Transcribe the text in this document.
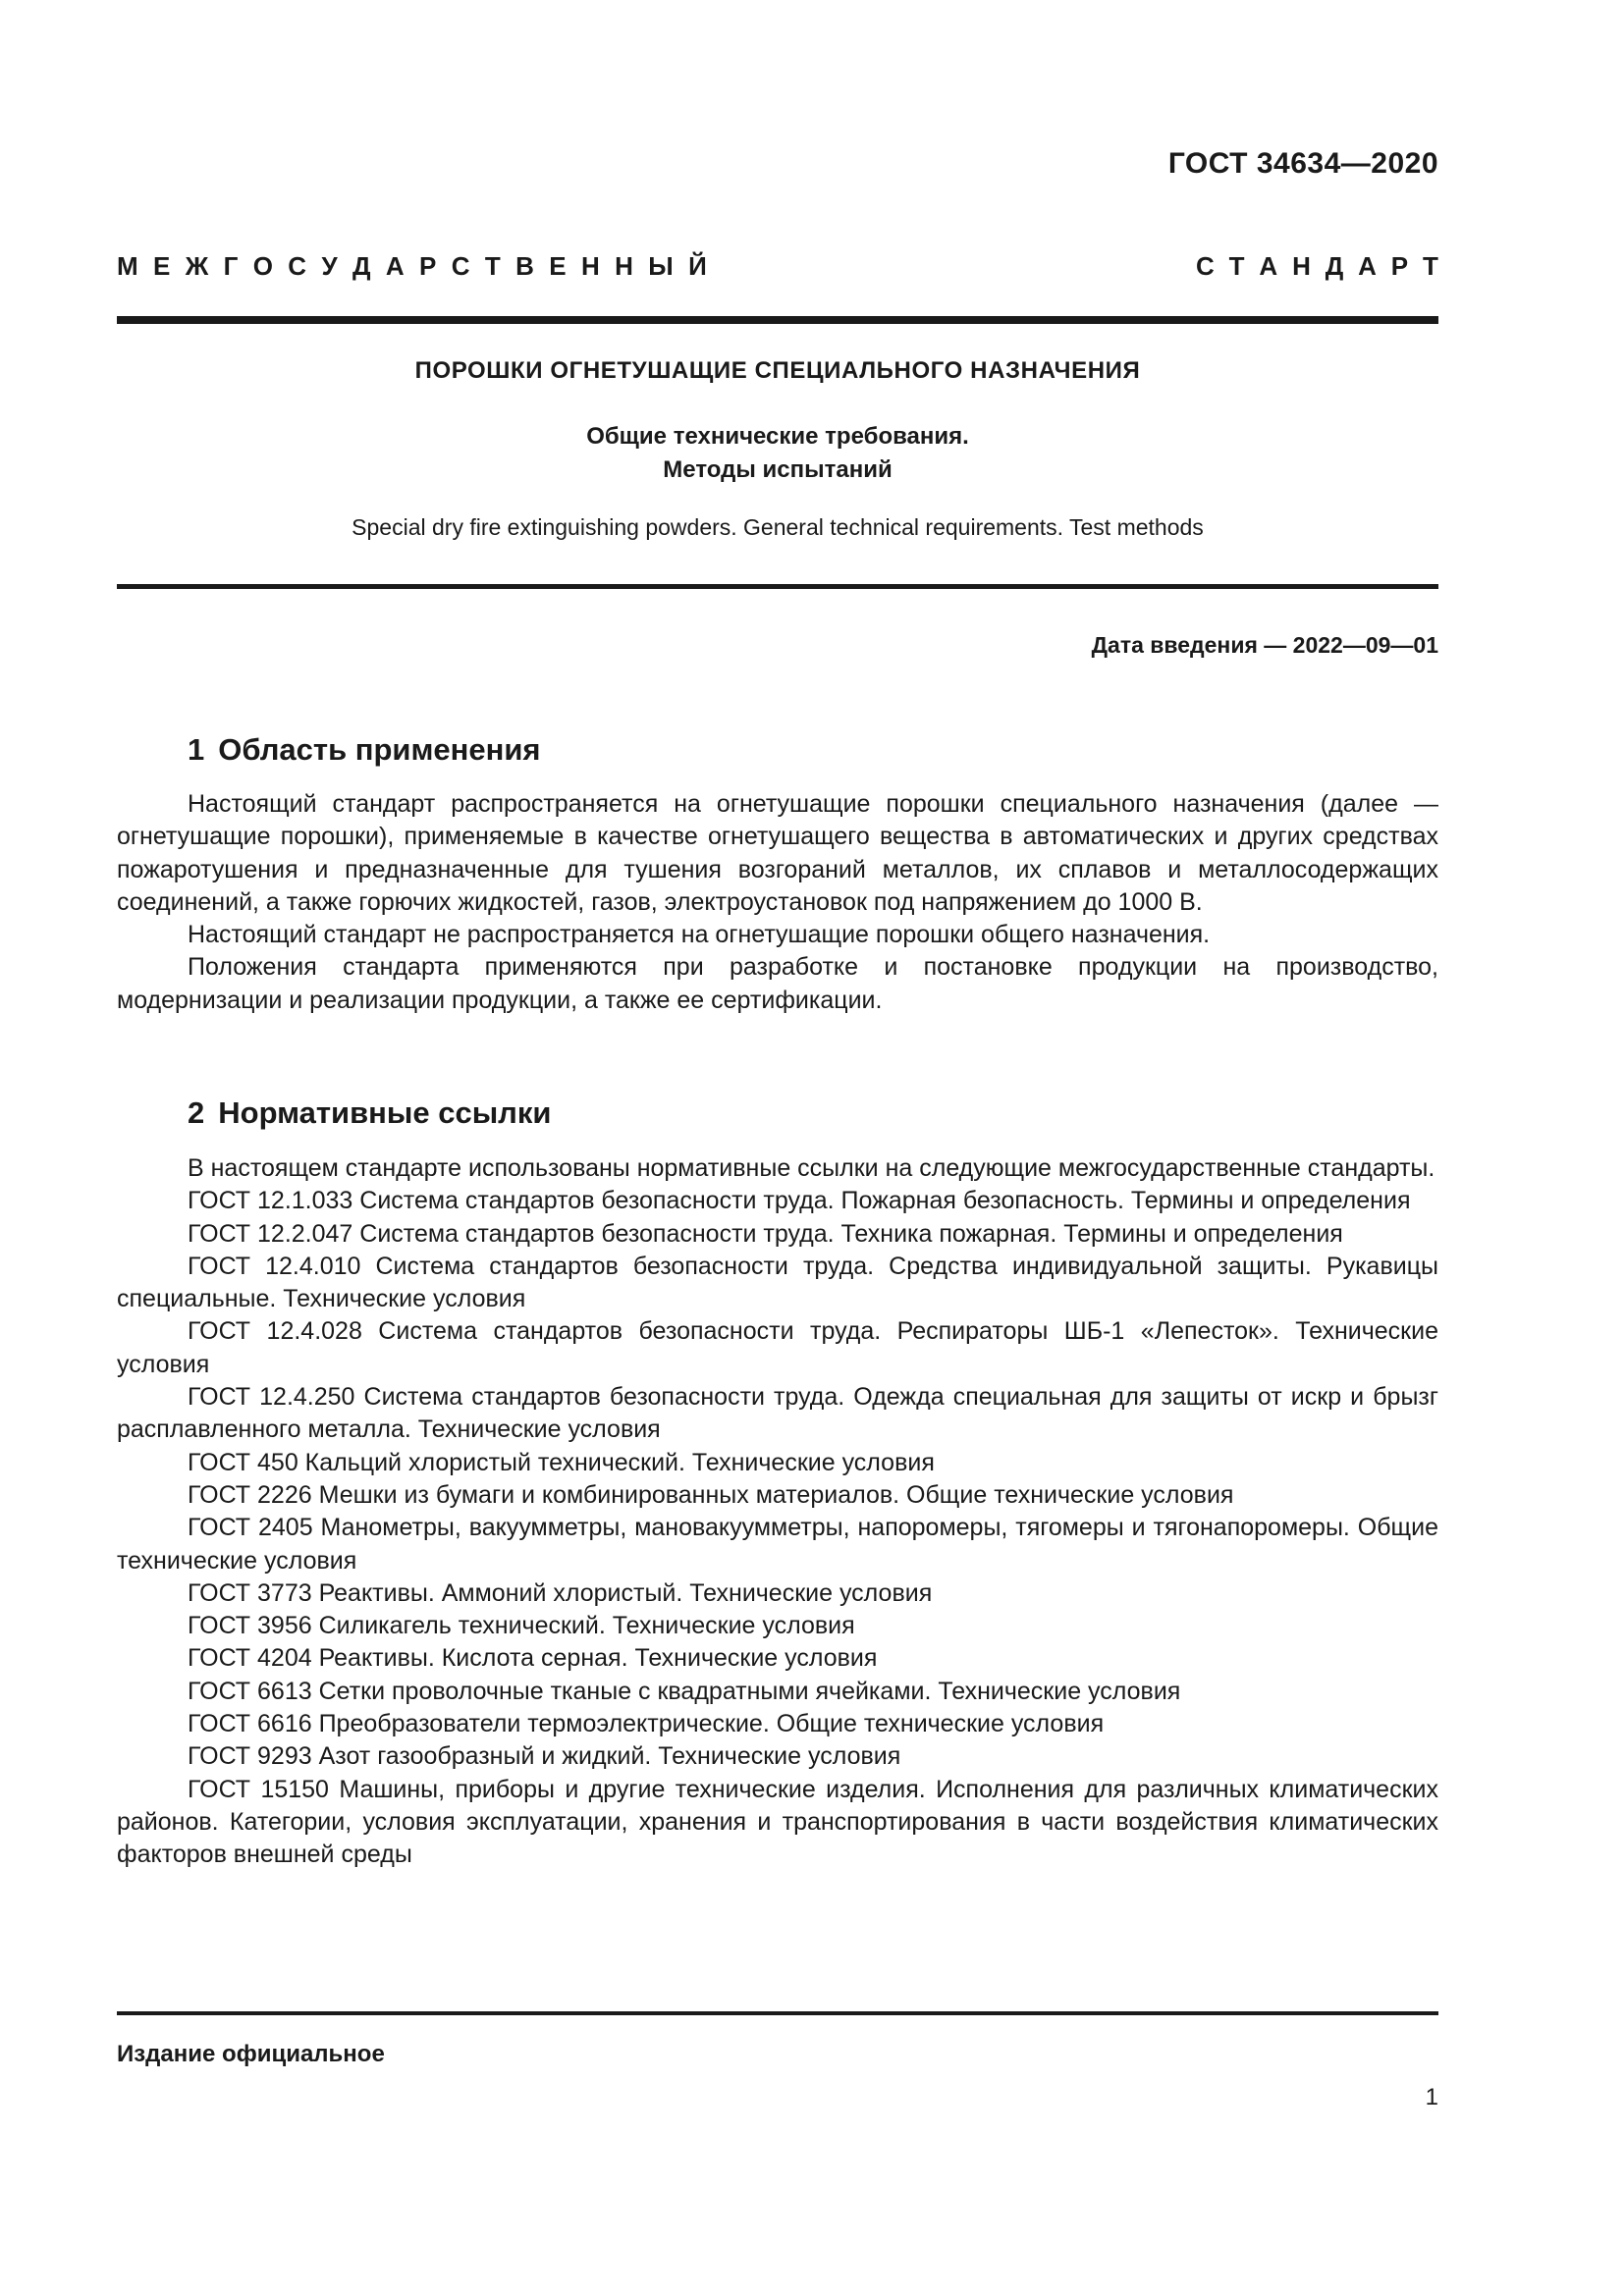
ГОСТ 34634—2020
М Е Ж Г О С У Д А Р С Т В Е Н Н Ы Й	С Т А Н Д А Р Т
ПОРОШКИ ОГНЕТУШАЩИЕ СПЕЦИАЛЬНОГО НАЗНАЧЕНИЯ
Общие технические требования.
Методы испытаний
Special dry fire extinguishing powders. General technical requirements. Test methods
Дата введения — 2022—09—01
1 Область применения

Настоящий стандарт распространяется на огнетушащие порошки специального назначения (далее — огнетушащие порошки), применяемые в качестве огнетушащего вещества в автоматических и других средствах пожаротушения и предназначенные для тушения возгораний металлов, их сплавов и металлосодержащих соединений, а также горючих жидкостей, газов, электроустановок под напряжением до 1000 В.

Настоящий стандарт не распространяется на огнетушащие порошки общего назначения.

Положения стандарта применяются при разработке и постановке продукции на производство, модернизации и реализации продукции, а также ее сертификации.

2 Нормативные ссылки

В настоящем стандарте использованы нормативные ссылки на следующие межгосударственные стандарты.

ГОСТ 12.1.033 Система стандартов безопасности труда. Пожарная безопасность. Термины и определения

ГОСТ 12.2.047 Система стандартов безопасности труда. Техника пожарная. Термины и определения

ГОСТ 12.4.010 Система стандартов безопасности труда. Средства индивидуальной защиты. Рукавицы специальные. Технические условия

ГОСТ 12.4.028 Система стандартов безопасности труда. Респираторы ШБ-1 «Лепесток». Технические условия

ГОСТ 12.4.250 Система стандартов безопасности труда. Одежда специальная для защиты от искр и брызг расплавленного металла. Технические условия

ГОСТ 450 Кальций хлористый технический. Технические условия

ГОСТ 2226 Мешки из бумаги и комбинированных материалов. Общие технические условия

ГОСТ 2405 Манометры, вакуумметры, мановакуумметры, напоромеры, тягомеры и тягонапоромеры. Общие технические условия

ГОСТ 3773 Реактивы. Аммоний хлористый. Технические условия

ГОСТ 3956 Силикагель технический. Технические условия

ГОСТ 4204 Реактивы. Кислота серная. Технические условия

ГОСТ 6613 Сетки проволочные тканые с квадратными ячейками. Технические условия

ГОСТ 6616 Преобразователи термоэлектрические. Общие технические условия

ГОСТ 9293 Азот газообразный и жидкий. Технические условия

ГОСТ 15150 Машины, приборы и другие технические изделия. Исполнения для различных климатических районов. Категории, условия эксплуатации, хранения и транспортирования в части воздействия климатических факторов внешней среды

Издание официальное
1
